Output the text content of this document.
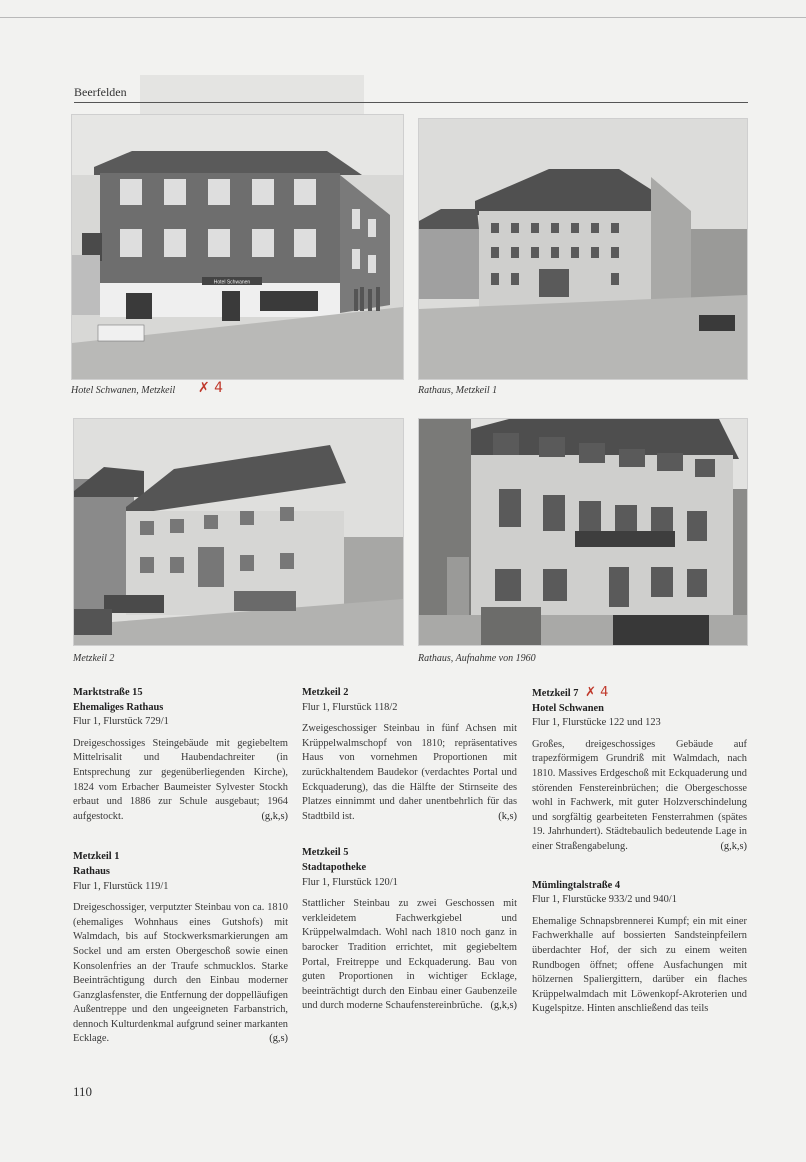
Beerfelden
Hotel Schwanen
Hotel Schwanen, Metzkeil ✗ 4	Rathaus, Metzkeil 1
Metzkeil 2	Rathaus, Aufnahme von 1960
Marktstraße 15
Ehemaliges Rathaus
Flur 1, Flurstück 729/1
Dreigeschossiges Steingebäude mit gegiebeltem Mittelrisalit und Haubendachreiter (in Entsprechung zur gegenüberliegenden Kirche), 1824 vom Erbacher Baumeister Sylvester Stockh erbaut und 1886 zur Schule ausgebaut; 1964 aufgestockt.	(g,k,s)
Metzkeil 1
Rathaus
Flur 1, Flurstück 119/1
Dreigeschossiger, verputzter Steinbau von ca. 1810 (ehemaliges Wohnhaus eines Gutshofs) mit Walmdach, bis auf Stockwerksmarkierungen am Sockel und am ersten Obergeschoß sowie einen Konsolenfries an der Traufe schmucklos. Starke Beeinträchtigung durch den Einbau moderner Ganzglasfenster, die Entfernung der doppelläufigen Außentreppe und den ungeeigneten Farbanstrich, dennoch Kulturdenkmal aufgrund seiner markanten Ecklage.	(g,s)
Metzkeil 2
Flur 1, Flurstück 118/2
Zweigeschossiger Steinbau in fünf Achsen mit Krüppelwalmschopf von 1810; repräsentatives Haus von vornehmen Proportionen mit zurückhaltendem Baudekor (verdachtes Portal und Eckquaderung), das die Hälfte der Stirnseite des Platzes einnimmt und daher unentbehrlich für das Stadtbild ist.	(k,s)
Metzkeil 5
Stadtapotheke
Flur 1, Flurstück 120/1
Stattlicher Steinbau zu zwei Geschossen mit verkleidetem Fachwerkgiebel und Krüppelwalmdach. Wohl nach 1810 noch ganz in barocker Tradition errichtet, mit gegiebeltem Portal, Freitreppe und Eckquaderung. Bau von guten Proportionen in wichtiger Ecklage, beeinträchtigt durch den Einbau einer Gaubenzeile und durch moderne Schaufenstereinbrüche. (g,k,s)
Metzkeil 7 ✗ 4
Hotel Schwanen
Flur 1, Flurstücke 122 und 123
Großes, dreigeschossiges Gebäude auf trapezförmigem Grundriß mit Walmdach, nach 1810. Massives Erdgeschoß mit Eckquaderung und störenden Fenstereinbrüchen; die Obergeschosse wohl in Fachwerk, mit guter Holzverschindelung und sorgfältig gearbeiteten Fensterrahmen (spätes 19. Jahrhundert). Städtebaulich bedeutende Lage in einer Straßengabelung.	(g,k,s)
Mümlingtalstraße 4
Flur 1, Flurstücke 933/2 und 940/1
Ehemalige Schnapsbrennerei Kumpf; ein mit einer Fachwerkhalle auf bossierten Sandsteinpfeilern überdachter Hof, der sich zu einem weiten Rundbogen öffnet; offene Ausfachungen mit hölzernen Spaliergittern, darüber ein flaches Krüppelwalmdach mit Löwenkopf-Akroterien und Kugelspitze. Hinten anschließend das teils
110
